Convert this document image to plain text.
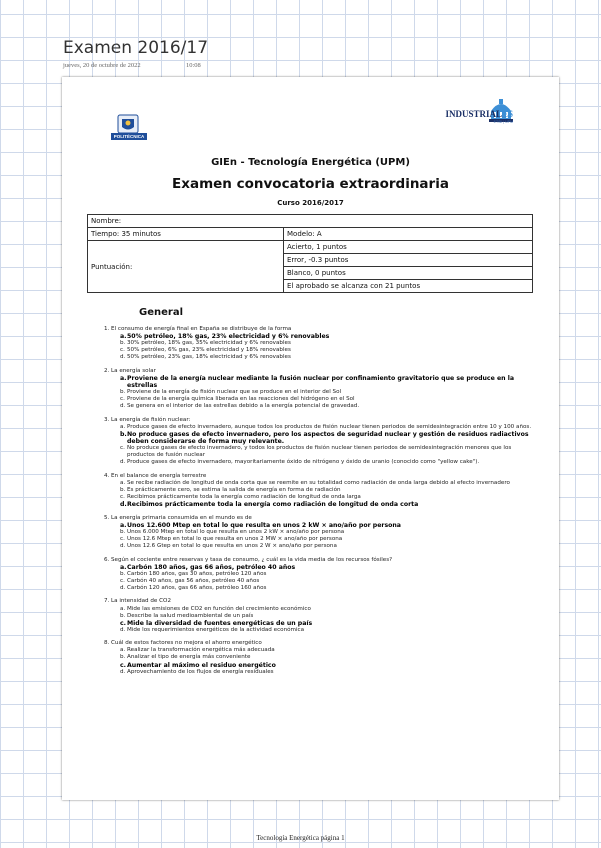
Examen 2016/17
jueves, 20 de octubre de 2022	10:08
POLITÉCNICA
INDUSTRIALES
ETSII | UPM
GIEn - Tecnología Energética (UPM)
Examen convocatoria extraordinaria
Curso 2016/2017
Nombre:	
Tiempo: 35 minutos	Modelo: A
Puntuación:	Acierto, 1 puntos
	Error, -0.3 puntos
	Blanco, 0 puntos
	El aprobado se alcanza con 21 puntos
General
1. El consumo de energía final en España se distribuye de la forma
a.50% petróleo, 18% gas, 23% electricidad y 6% renovables
b. 30% petróleo, 18% gas, 35% electricidad y 6% renovables
c. 50% petróleo, 6% gas, 23% electricidad y 18% renovables
d. 50% petróleo, 23% gas, 18% electricidad y 6% renovables
2. La energía solar
a.Proviene de la energía nuclear mediante la fusión nuclear por confinamiento gravitatorio que se produce en la estrellas
b. Proviene de la energía de fisión nuclear que se produce en el interior del Sol
c. Proviene de la energía química liberada en las reacciones del hidrógeno en el Sol
d. Se genera en el interior de las estrellas debido a la energía potencial de gravedad.
3. La energía de fisión nuclear:
a. Produce gases de efecto invernadero, aunque todos los productos de fisión nuclear tienen periodos de semidesintegración entre 10 y 100 años.
b.No produce gases de efecto invernadero, pero los aspectos de seguridad nuclear y gestión de residuos radiactivos deben considerarse de forma muy relevante.
c. No produce gases de efecto invernadero, y todos los productos de fisión nuclear tienen periodos de semidesintegración menores que los productos de fusión nuclear
d. Produce gases de efecto invernadero, mayoritariamente óxido de nitrógeno y óxido de uranio (conocido como "yellow cake").
4. En el balance de energía terrestre
a. Se recibe radiación de longitud de onda corta que se reemite en su totalidad como radiación de onda larga debido al efecto invernadero
b. Es prácticamente cero, se estima la salida de energía en forma de radiación
c. Recibimos prácticamente toda la energía como radiación de longitud de onda larga
d.Recibimos prácticamente toda la energía como radiación de longitud de onda corta
5. La energía primaria consumida en el mundo es de
a.Unos 12.600 Mtep en total lo que resulta en unos 2 kW × ano/año por persona
b. Unos 6.000 Mtep en total lo que resulta en unos 2 kW × ano/año por persona
c. Unos 12.6 Mtep en total lo que resulta en unos 2 MW × ano/año por persona
d. Unos 12.6 Gtep en total lo que resulta en unos 2 W × ano/año por persona
6. Según el cociente entre reservas y tasa de consumo, ¿ cuál es la vida media de los recursos fósiles?
a.Carbón 180 años, gas 66 años, petróleo 40 años
b. Carbón 180 años, gas 30 años, petróleo 120 años
c. Carbón 40 años, gas 56 años, petróleo 40 años
d. Carbón 120 años, gas 66 años, petróleo 160 años
7. La intensidad de CO2
a. Mide las emisiones de CO2 en función del crecimiento económico
b. Describe la salud medioambiental de un país
c.Mide la diversidad de fuentes energéticas de un país
d. Mide los requerimientos energéticos de la actividad económica
8. Cuál de estos factores no mejora el ahorro energético
a. Realizar la transformación energética más adecuada
b. Analizar el tipo de energía más conveniente
c.Aumentar al máximo el residuo energético
d. Aprovechamiento de los flujos de energía residuales
Tecnología Energética página 1
